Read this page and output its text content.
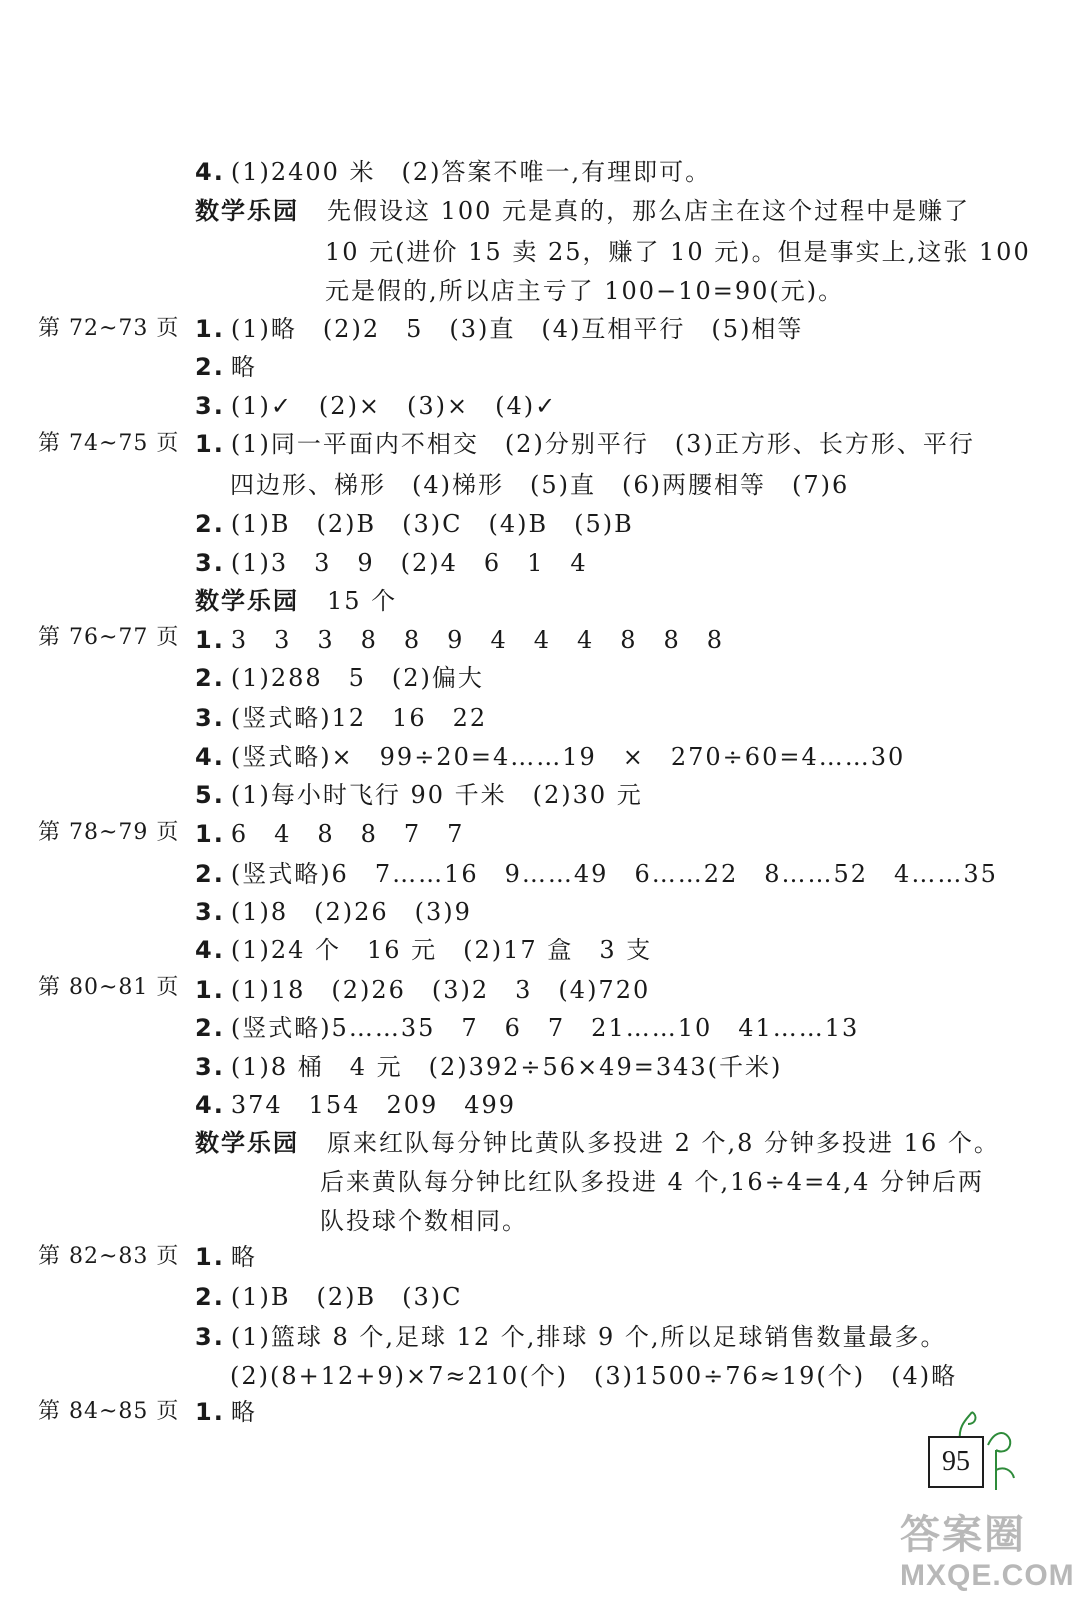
4. (1)2400 米　(2)答案不唯一,有理即可。
数学乐园 先假设这 100 元是真的，那么店主在这个过程中是赚了
10 元(进价 15 卖 25，赚了 10 元)。但是事实上,这张 100
元是假的,所以店主亏了 100−10=90(元)。
第 72~73 页 1. (1)略　(2)2　5　(3)直　(4)互相平行　(5)相等
2. 略
3. (1)✓　(2)×　(3)×　(4)✓
第 74~75 页 1. (1)同一平面内不相交　(2)分别平行　(3)正方形、长方形、平行
四边形、梯形　(4)梯形　(5)直　(6)两腰相等　(7)6
2. (1)B　(2)B　(3)C　(4)B　(5)B
3. (1)3　3　9　(2)4　6　1　4
数学乐园 15 个
第 76~77 页 1. 3　3　3　8　8　9　4　4　4　8　8　8
2. (1)288　5　(2)偏大
3. (竖式略)12　16　22
4. (竖式略)×　99÷20=4……19　×　270÷60=4……30
5. (1)每小时飞行 90 千米　(2)30 元
第 78~79 页 1. 6　4　8　8　7　7
2. (竖式略)6　7……16　9……49　6……22　8……52　4……35
3. (1)8　(2)26　(3)9
4. (1)24 个　16 元　(2)17 盒　3 支
第 80~81 页 1. (1)18　(2)26　(3)2　3　(4)720
2. (竖式略)5……35　7　6　7　21……10　41……13
3. (1)8 桶　4 元　(2)392÷56×49=343(千米)
4. 374　154　209　499
数学乐园 原来红队每分钟比黄队多投进 2 个,8 分钟多投进 16 个。
后来黄队每分钟比红队多投进 4 个,16÷4=4,4 分钟后两
队投球个数相同。
第 82~83 页 1. 略
2. (1)B　(2)B　(3)C
3. (1)篮球 8 个,足球 12 个,排球 9 个,所以足球销售数量最多。
(2)(8+12+9)×7≈210(个)　(3)1500÷76≈19(个)　(4)略
第 84~85 页 1. 略
95
答案圈
MXQE.COM
